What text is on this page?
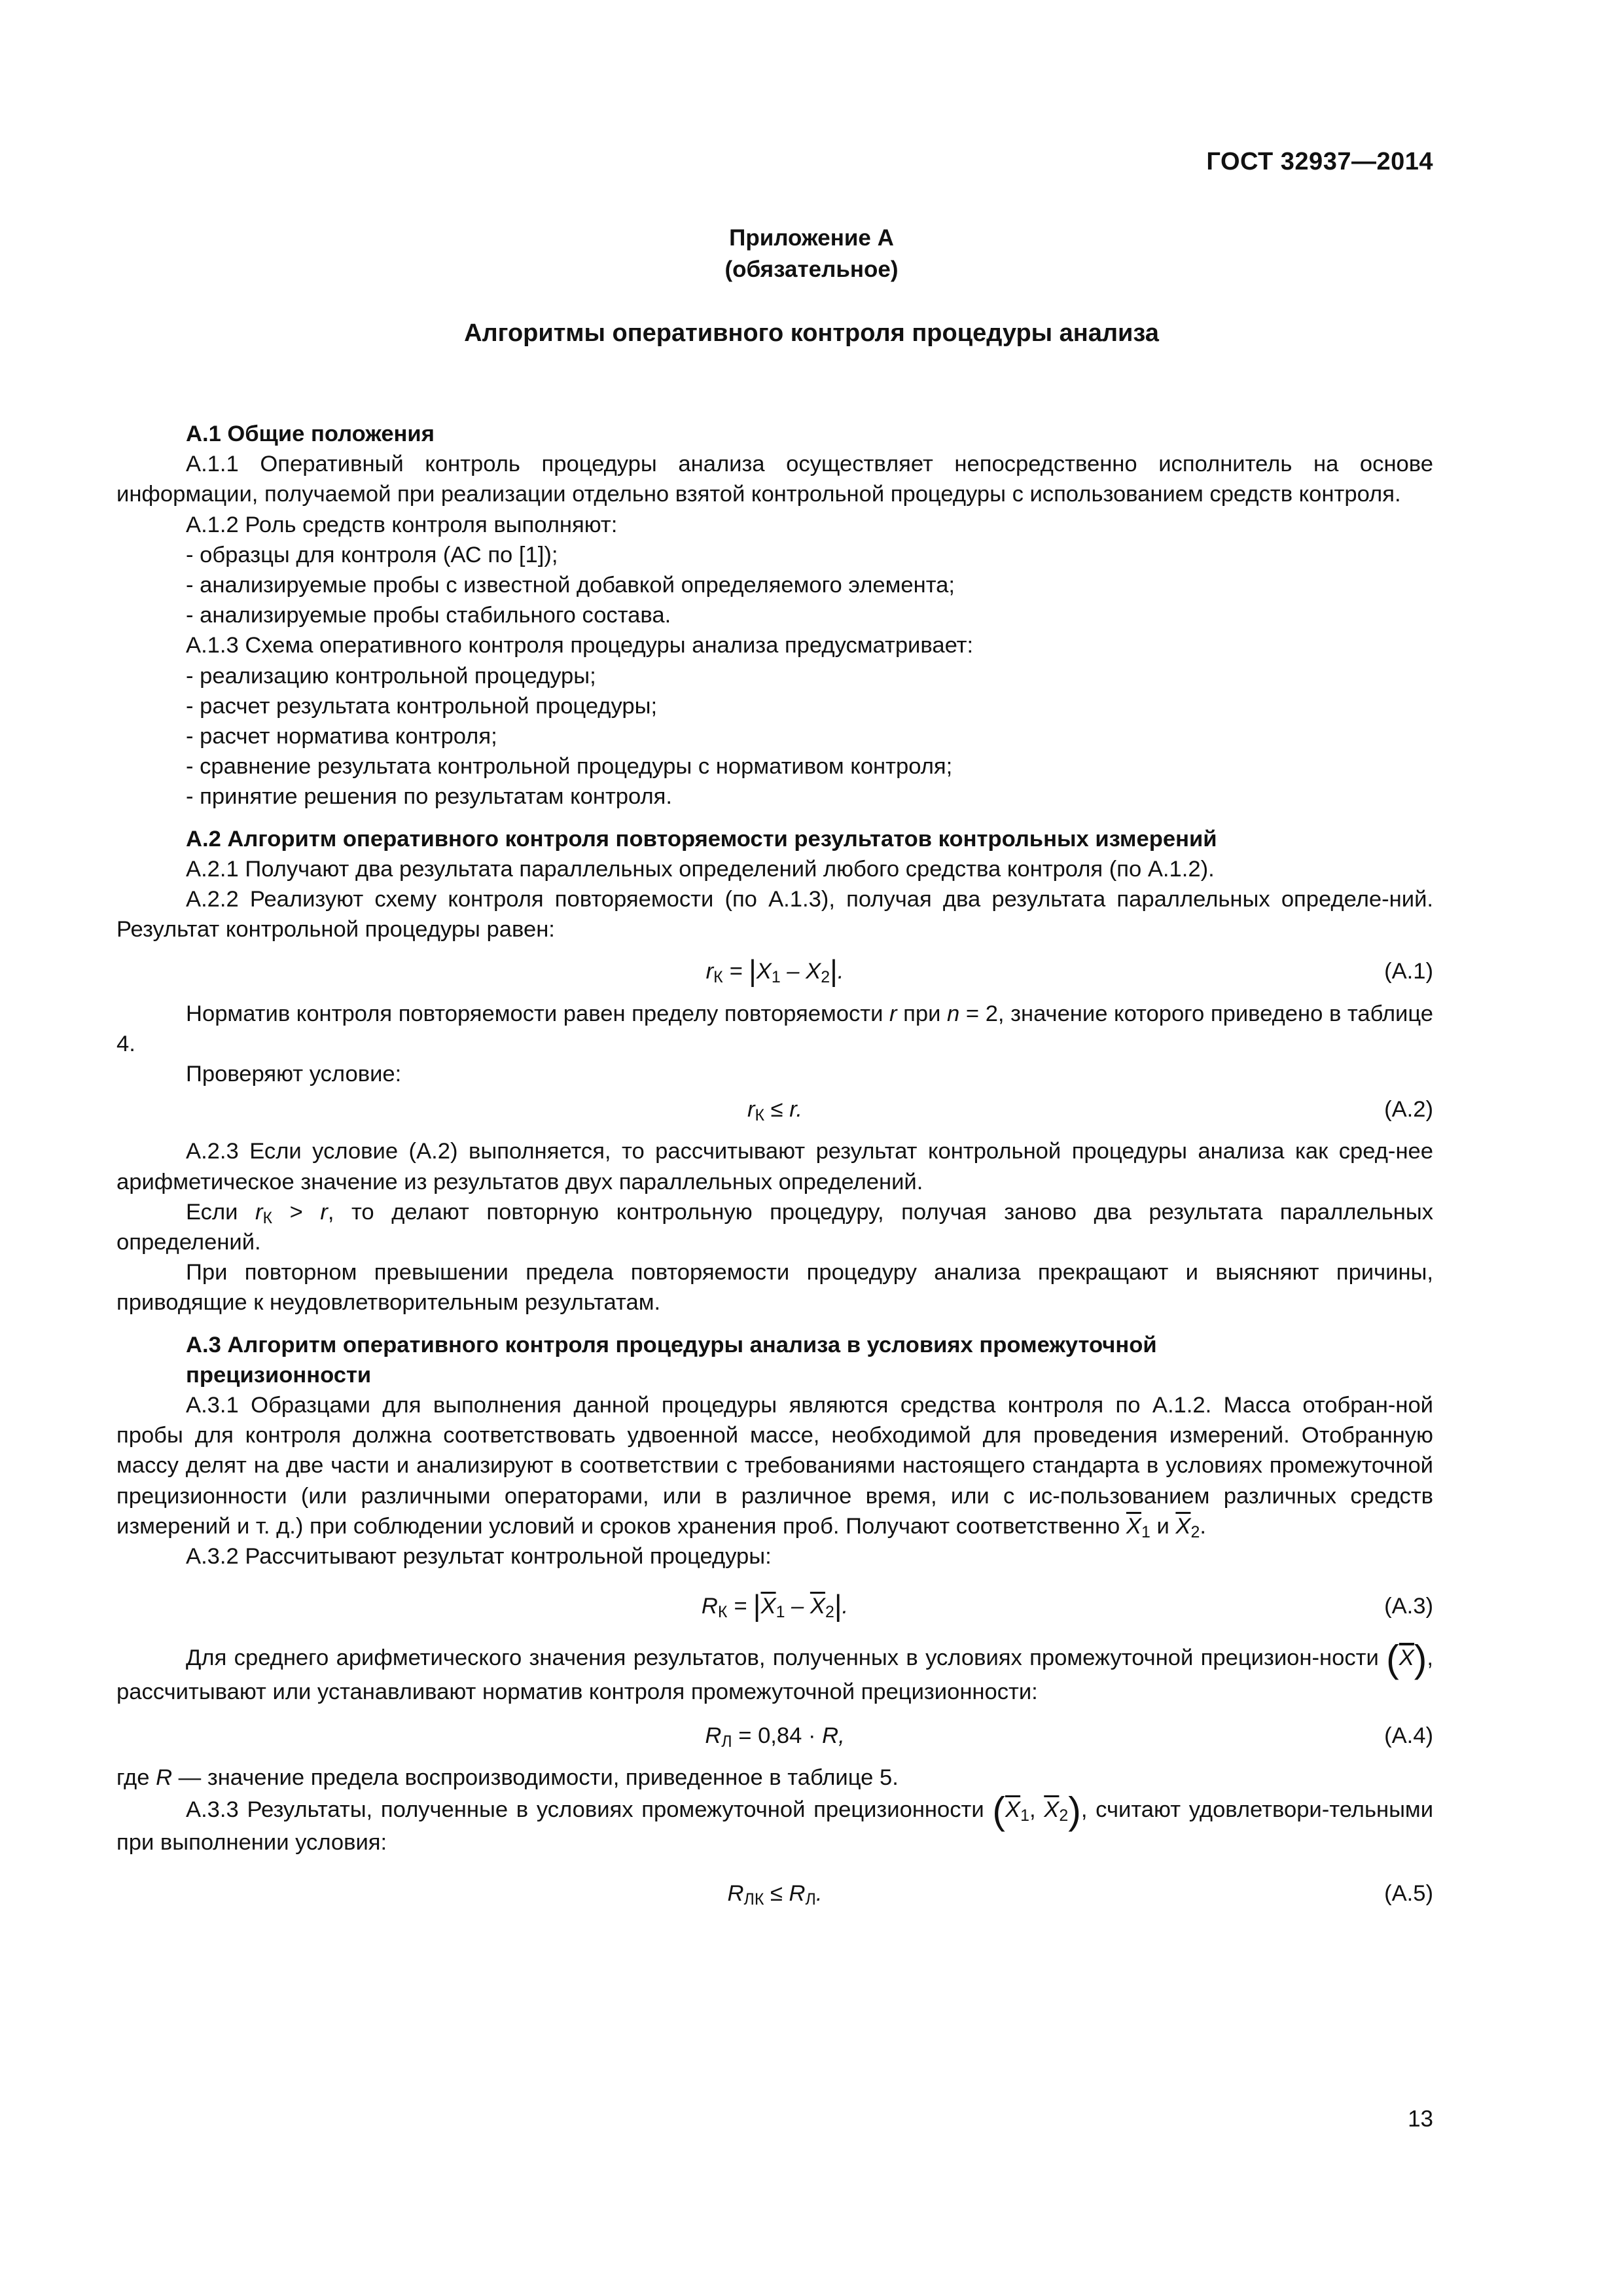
ГОСТ 32937—2014
Приложение А
(обязательное)
Алгоритмы оперативного контроля процедуры анализа

А.1 Общие положения

А.1.1 Оперативный контроль процедуры анализа осуществляет непосредственно исполнитель на основе информации, получаемой при реализации отдельно взятой контрольной процедуры с использованием средств контроля.

А.1.2 Роль средств контроля выполняют:

- образцы для контроля (АС по [1]);

- анализируемые пробы с известной добавкой определяемого элемента;

- анализируемые пробы стабильного состава.

А.1.3 Схема оперативного контроля процедуры анализа предусматривает:

- реализацию контрольной процедуры;

- расчет результата контрольной процедуры;

- расчет норматива контроля;

- сравнение результата контрольной процедуры с нормативом контроля;

- принятие решения по результатам контроля.

А.2 Алгоритм оперативного контроля повторяемости результатов контрольных измерений

А.2.1 Получают два результата параллельных определений любого средства контроля (по А.1.2).

А.2.2 Реализуют схему контроля повторяемости (по А.1.3), получая два результата параллельных определе-ний. Результат контрольной процедуры равен:

$r_К = |X_1 - X_2|$.	(А.1)

Норматив контроля повторяемости равен пределу повторяемости r при n = 2, значение которого приведено в таблице 4.

Проверяют условие:

$r_К \le r$.	(А.2)

А.2.3 Если условие (А.2) выполняется, то рассчитывают результат контрольной процедуры анализа как сред-нее арифметическое значение из результатов двух параллельных определений.

Если $r_К > r$, то делают повторную контрольную процедуру, получая заново два результата параллельных определений.

При повторном превышении предела повторяемости процедуру анализа прекращают и выясняют причины, приводящие к неудовлетворительным результатам.

А.3 Алгоритм оперативного контроля процедуры анализа в условиях промежуточной прецизионности

А.3.1 Образцами для выполнения данной процедуры являются средства контроля по А.1.2. Масса отобран-ной пробы для контроля должна соответствовать удвоенной массе, необходимой для проведения измерений. Отобранную массу делят на две части и анализируют в соответствии с требованиями настоящего стандарта в условиях промежуточной прецизионности (или различными операторами, или в различное время, или с ис-пользованием различных средств измерений и т. д.) при соблюдении условий и сроков хранения проб. Получают соответственно $\overline{X}_1$ и $\overline{X}_2$.

А.3.2 Рассчитывают результат контрольной процедуры:

$R_К = |\overline{X}_1 - \overline{X}_2|$.	(А.3)

Для среднего арифметического значения результатов, полученных в условиях промежуточной прецизион-ности $(\overline{X})$, рассчитывают или устанавливают норматив контроля промежуточной прецизионности:

$R_Л = 0,84 \cdot R$,	(А.4)

где R — значение предела воспроизводимости, приведенное в таблице 5.

А.3.3 Результаты, полученные в условиях промежуточной прецизионности ($\overline{X}_1$, $\overline{X}_2$), считают удовлетвори-тельными при выполнении условия:

$R_{ЛК} \le R_Л$.	(А.5)
13
